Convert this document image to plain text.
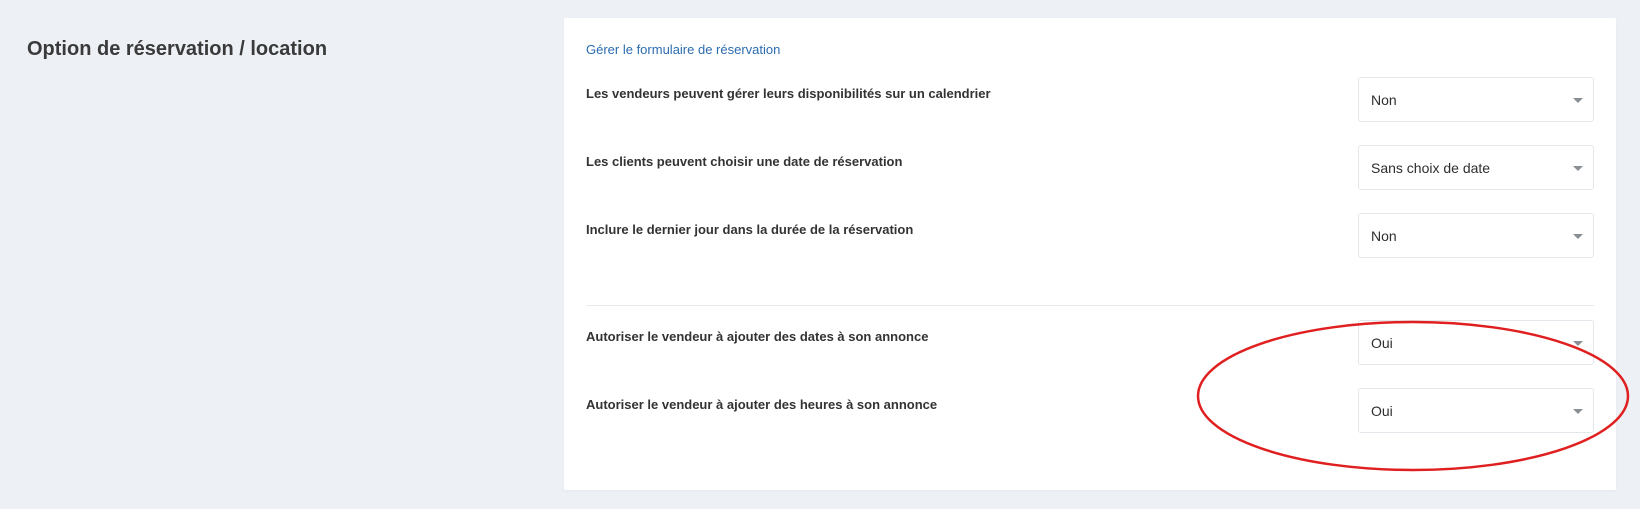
Option de réservation / location	Gérer le formulaire de réservation
Les vendeurs peuvent gérer leurs disponibilités sur un calendrier	Non
Les clients peuvent choisir une date de réservation	Sans choix de date
Inclure le dernier jour dans la durée de la réservation	Non
Autoriser le vendeur à ajouter des dates à son annonce	Oui
Autoriser le vendeur à ajouter des heures à son annonce	Oui
